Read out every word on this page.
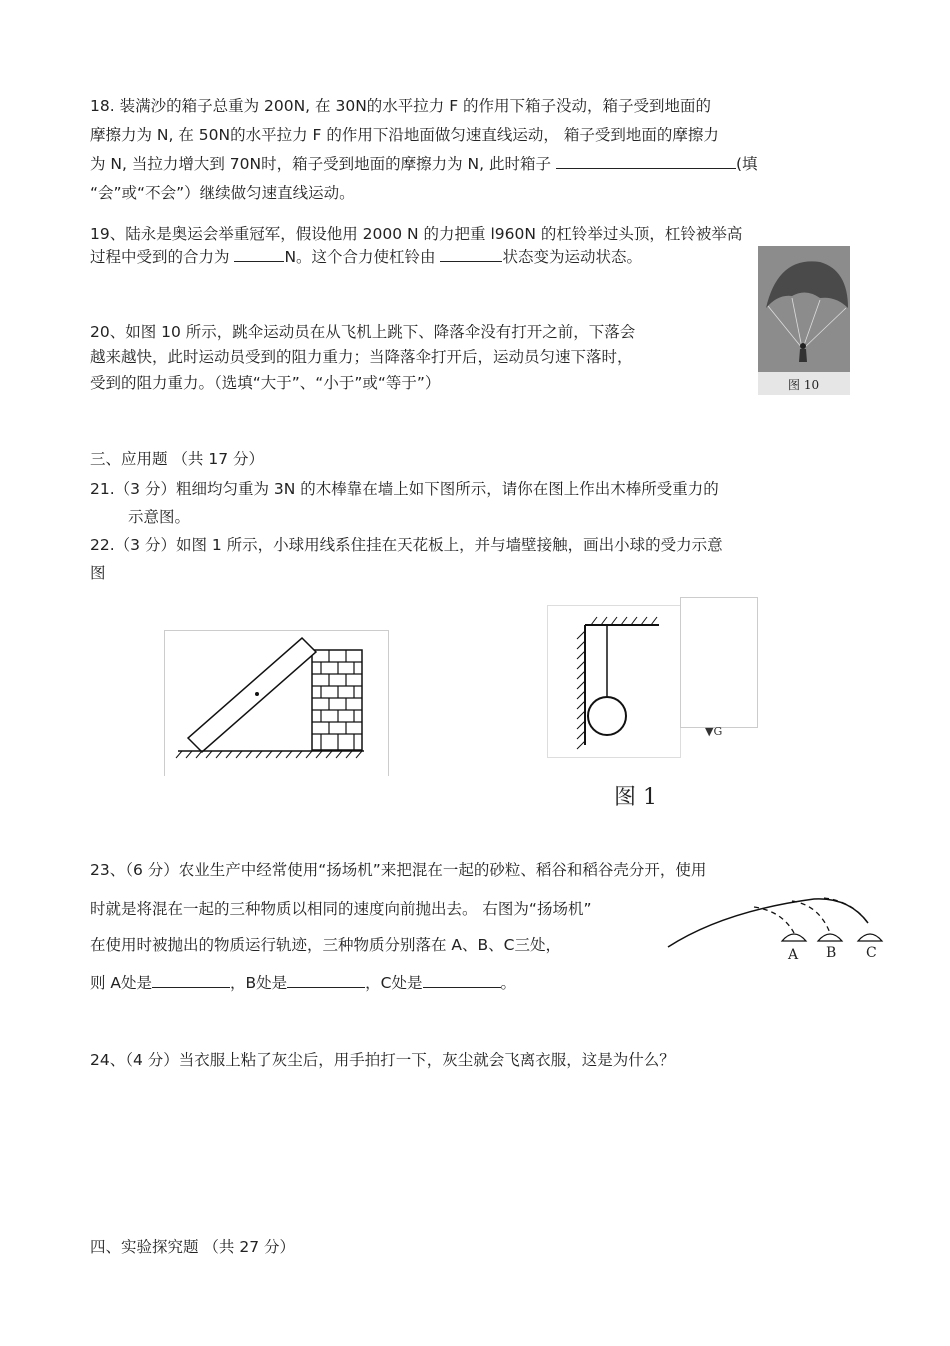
18. 装满沙的箱子总重为 200N, 在 30N的水平拉力 F 的作用下箱子没动，箱子受到地面的
摩擦力为 N, 在 50N的水平拉力 F 的作用下沿地面做匀速直线运动， 箱子受到地面的摩擦力
为 N, 当拉力增大到 70N时，箱子受到地面的摩擦力为 N, 此时箱子	(填
“会”或“不会”）继续做匀速直线运动。
19、陆永是奥运会举重冠军，假设他用 2000 N 的力把重 l960N 的杠铃举过头顶，杠铃被举高
过程中受到的合力为	N。这个合力使杠铃由	状态变为运动状态。
图 10
20、如图 10 所示，跳伞运动员在从飞机上跳下、降落伞没有打开之前，下落会
越来越快，此时运动员受到的阻力重力；当降落伞打开后，运动员匀速下落时，
受到的阻力重力。（选填“大于”、“小于”或“等于”）
三、应用题 （共 17 分）
21.（3 分）粗细均匀重为 3N 的木棒靠在墙上如下图所示，请你在图上作出木棒所受重力的
示意图。
22.（3 分）如图 1 所示，小球用线系住挂在天花板上，并与墙壁接触，画出小球的受力示意
图
▼G
图 1
23、（6 分）农业生产中经常使用“扬场机”来把混在一起的砂粒、稻谷和稻谷壳分开，使用
时就是将混在一起的三种物质以相同的速度向前抛出去。 右图为“扬场机”
在使用时被抛出的物质运行轨迹，三种物质分别落在 A、B、C三处，
则 A处是	，B处是	，C处是	。
A B C
24、（4 分）当衣服上粘了灰尘后，用手拍打一下，灰尘就会飞离衣服，这是为什么？
四、实验探究题 （共 27 分）
